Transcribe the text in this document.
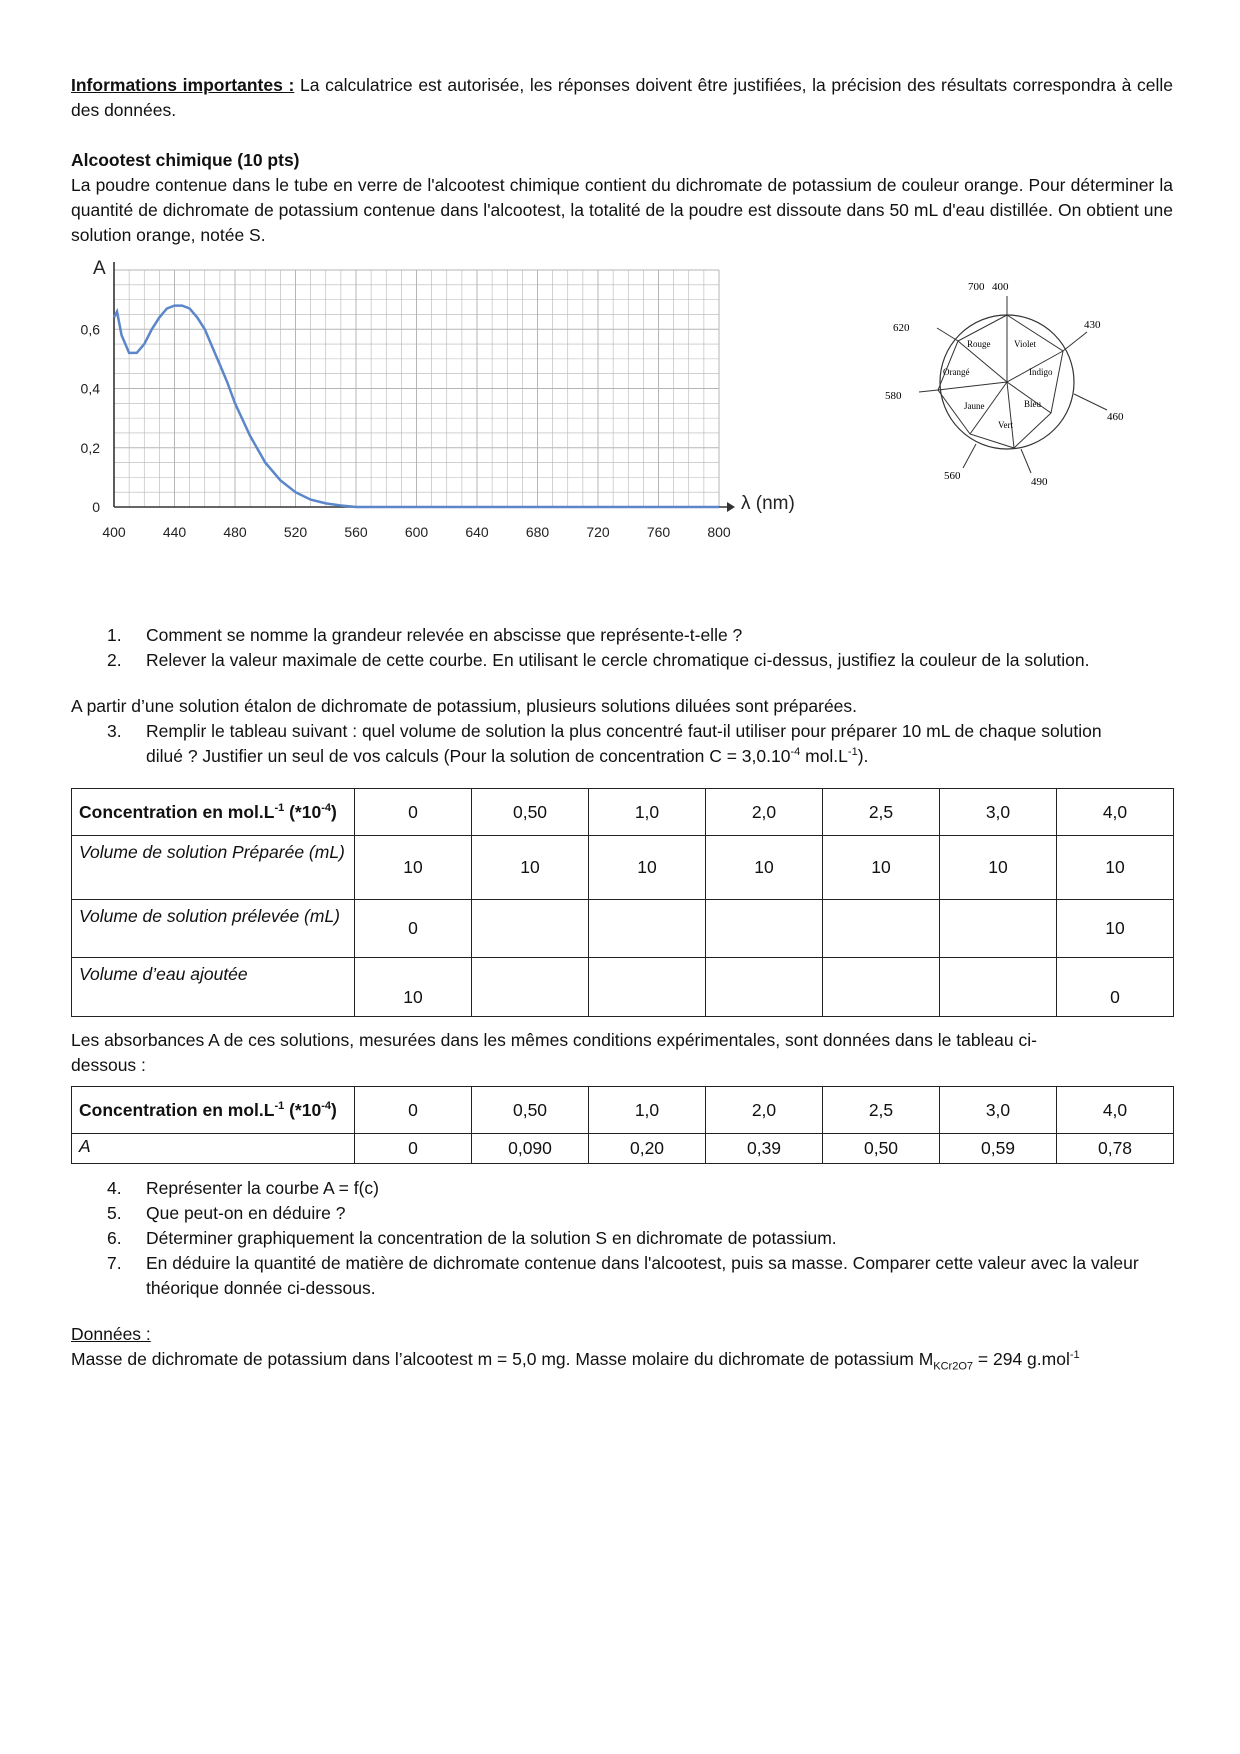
Informations importantes : La calculatrice est autorisée, les réponses doivent être justifiées, la précision des résultats correspondra à celle des données.

Alcootest chimique (10 pts)

La poudre contenue dans le tube en verre de l'alcootest chimique contient du dichromate de potassium de couleur orange. Pour déterminer la quantité de dichromate de potassium contenue dans l'alcootest, la totalité de la poudre est dissoute dans 50 mL d'eau distillée. On obtient une solution orange, notée S.

400	440	480	520	560	600	640	680	720	760	800
0
0,2
0,4
0,6
A
λ (nm)
700 400
430
620
460
580
560	490
Rouge	Violet
Orangé	Indigo
Jaune	Bleu
Vert
1. Comment se nomme la grandeur relevée en abscisse que représente-t-elle ?
2. Relever la valeur maximale de cette courbe. En utilisant le cercle chromatique ci-dessus, justifiez la couleur de la solution.

A partir d’une solution étalon de dichromate de potassium, plusieurs solutions diluées sont préparées.

3. Remplir le tableau suivant : quel volume de solution la plus concentré faut-il utiliser pour préparer 10 mL de chaque solution dilué ? Justifier un seul de vos calculs (Pour la solution de concentration $C = 3,0.10^{-4}$ $mol.L^{-1}$).
Concentration en $mol.L^{-1}$ $(*10^{-4})$	0	0,50	1,0	2,0	2,5	3,0	4,0
Volume de solution Préparée (mL)	10	10	10	10	10	10	10
Volume de solution prélevée (mL)	0						10
Volume d’eau ajoutée	10						0

Les absorbances A de ces solutions, mesurées dans les mêmes conditions expérimentales, sont données dans le tableau ci-dessous :

Concentration en $mol.L^{-1}$ $(*10^{-4})$	0	0,50	1,0	2,0	2,5	3,0	4,0
A	0	0,090	0,20	0,39	0,50	0,59	0,78
4. Représenter la courbe A = f(c)
5. Que peut-on en déduire ?
6. Déterminer graphiquement la concentration de la solution S en dichromate de potassium.
7. En déduire la quantité de matière de dichromate contenue dans l'alcootest, puis sa masse. Comparer cette valeur avec la valeur théorique donnée ci-dessous.

Données :

Masse de dichromate de potassium dans l’alcootest m = 5,0 mg. Masse molaire du dichromate de potassium $M_{KCr2O7} = 294$ g.mol$^{-1}$
